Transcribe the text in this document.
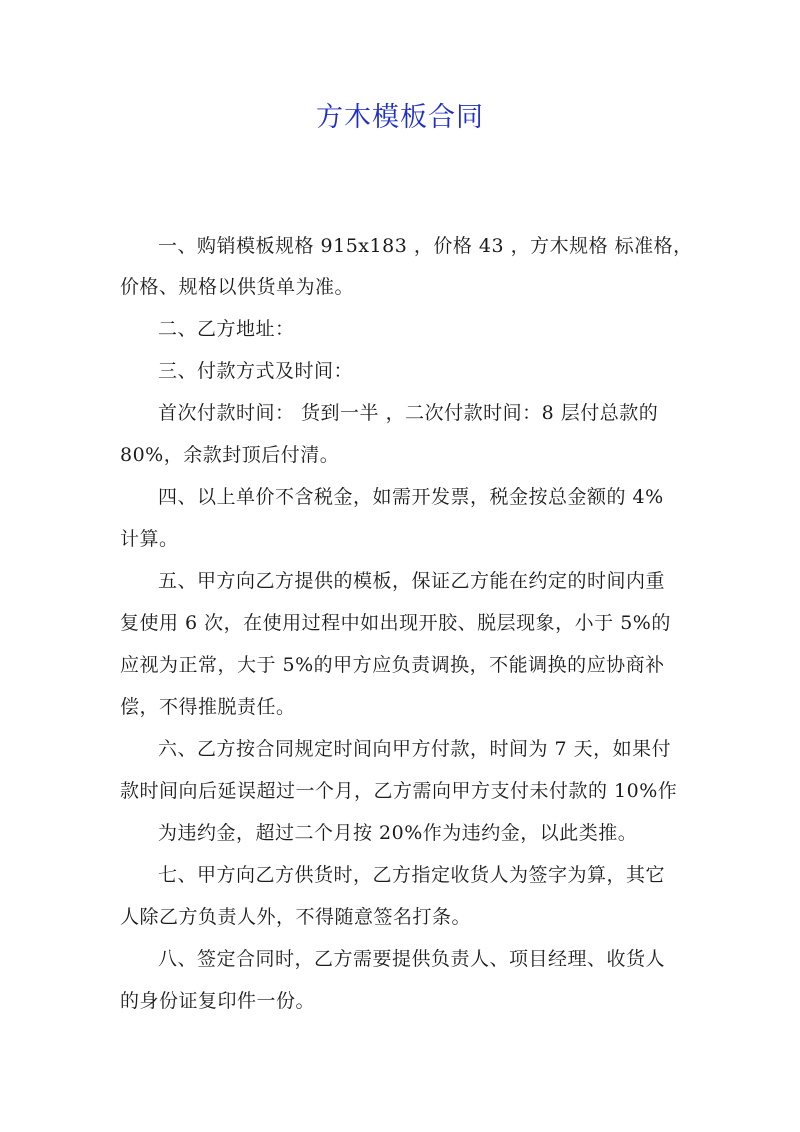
方木模板合同
一、购销模板规格 915x183 ，价格 43 ，方木规格 标准格，
价格、规格以供货单为准。
二、乙方地址：
三、付款方式及时间：
首次付款时间： 货到一半 ，二次付款时间：8 层付总款的
80%，余款封顶后付清。
四、以上单价不含税金，如需开发票，税金按总金额的 4%
计算。
五、甲方向乙方提供的模板，保证乙方能在约定的时间内重
复使用 6 次，在使用过程中如出现开胶、脱层现象，小于 5%的
应视为正常，大于 5%的甲方应负责调换，不能调换的应协商补
偿，不得推脱责任。
六、乙方按合同规定时间向甲方付款，时间为 7 天，如果付
款时间向后延误超过一个月，乙方需向甲方支付未付款的 10%作
为违约金，超过二个月按 20%作为违约金，以此类推。
七、甲方向乙方供货时，乙方指定收货人为签字为算，其它
人除乙方负责人外，不得随意签名打条。
八、签定合同时，乙方需要提供负责人、项目经理、收货人
的身份证复印件一份。
